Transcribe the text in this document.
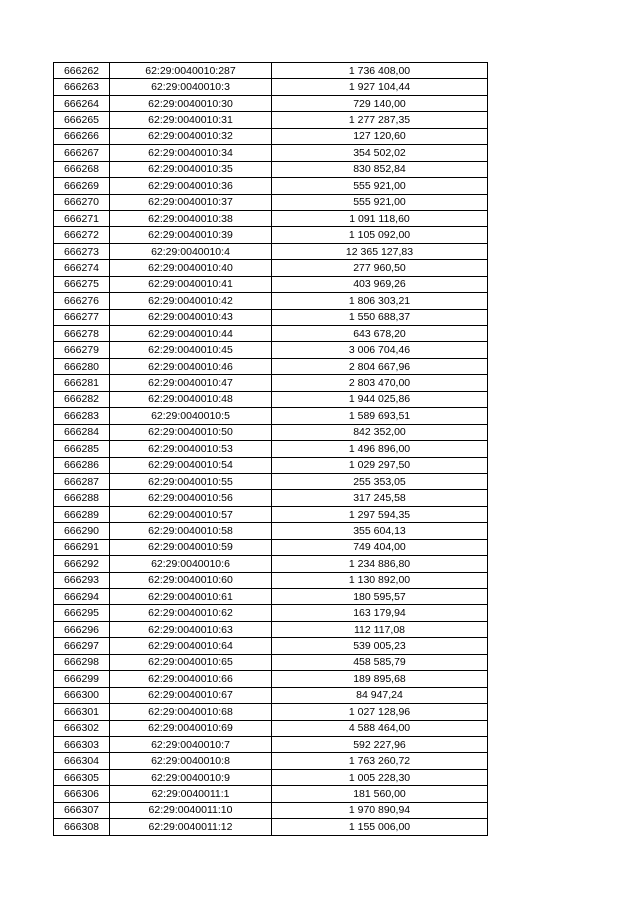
666262	62:29:0040010:287	1 736 408,00
666263	62:29:0040010:3	1 927 104,44
666264	62:29:0040010:30	729 140,00
666265	62:29:0040010:31	1 277 287,35
666266	62:29:0040010:32	127 120,60
666267	62:29:0040010:34	354 502,02
666268	62:29:0040010:35	830 852,84
666269	62:29:0040010:36	555 921,00
666270	62:29:0040010:37	555 921,00
666271	62:29:0040010:38	1 091 118,60
666272	62:29:0040010:39	1 105 092,00
666273	62:29:0040010:4	12 365 127,83
666274	62:29:0040010:40	277 960,50
666275	62:29:0040010:41	403 969,26
666276	62:29:0040010:42	1 806 303,21
666277	62:29:0040010:43	1 550 688,37
666278	62:29:0040010:44	643 678,20
666279	62:29:0040010:45	3 006 704,46
666280	62:29:0040010:46	2 804 667,96
666281	62:29:0040010:47	2 803 470,00
666282	62:29:0040010:48	1 944 025,86
666283	62:29:0040010:5	1 589 693,51
666284	62:29:0040010:50	842 352,00
666285	62:29:0040010:53	1 496 896,00
666286	62:29:0040010:54	1 029 297,50
666287	62:29:0040010:55	255 353,05
666288	62:29:0040010:56	317 245,58
666289	62:29:0040010:57	1 297 594,35
666290	62:29:0040010:58	355 604,13
666291	62:29:0040010:59	749 404,00
666292	62:29:0040010:6	1 234 886,80
666293	62:29:0040010:60	1 130 892,00
666294	62:29:0040010:61	180 595,57
666295	62:29:0040010:62	163 179,94
666296	62:29:0040010:63	112 117,08
666297	62:29:0040010:64	539 005,23
666298	62:29:0040010:65	458 585,79
666299	62:29:0040010:66	189 895,68
666300	62:29:0040010:67	84 947,24
666301	62:29:0040010:68	1 027 128,96
666302	62:29:0040010:69	4 588 464,00
666303	62:29:0040010:7	592 227,96
666304	62:29:0040010:8	1 763 260,72
666305	62:29:0040010:9	1 005 228,30
666306	62:29:0040011:1	181 560,00
666307	62:29:0040011:10	1 970 890,94
666308	62:29:0040011:12	1 155 006,00
